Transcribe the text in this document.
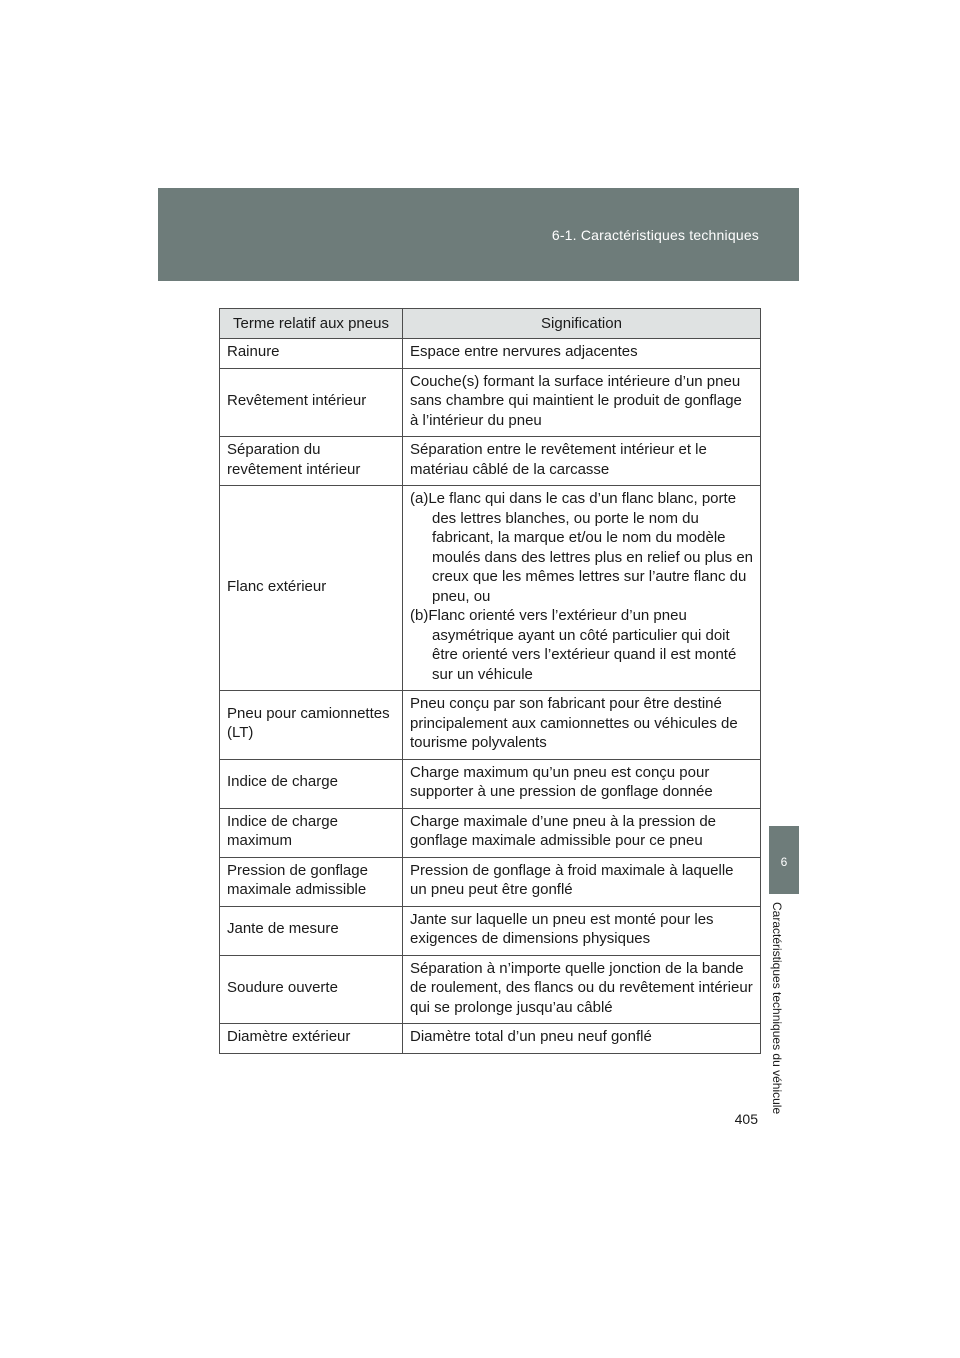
6-1. Caractéristiques techniques
6
Caractéristiques techniques du véhicule
Terme relatif aux pneus	Signification
Rainure	Espace entre nervures adjacentes
Revêtement intérieur	Couche(s) formant la surface intérieure d’un pneu sans chambre qui maintient le produit de gonflage à l’intérieur du pneu
Séparation du revêtement intérieur	Séparation entre le revêtement intérieur et le matériau câblé de la carcasse
Flanc extérieur	(a)Le flanc qui dans le cas d’un flanc blanc, porte des lettres blanches, ou porte le nom du fabricant, la marque et/ou le nom du modèle moulés dans des lettres plus en relief ou plus en creux que les mêmes lettres sur l’autre flanc du pneu, ou
(b)Flanc orienté vers l’extérieur d’un pneu asymétrique ayant un côté particulier qui doit être orienté vers l’extérieur quand il est monté sur un véhicule

Pneu pour camionnettes (LT)	Pneu conçu par son fabricant pour être destiné principalement aux camionnettes ou véhicules de tourisme polyvalents
Indice de charge	Charge maximum qu’un pneu est conçu pour supporter à une pression de gonflage donnée
Indice de charge maximum	Charge maximale d’une pneu à la pression de gonflage maximale admissible pour ce pneu
Pression de gonflage maximale admissible	Pression de gonflage à froid maximale à laquelle un pneu peut être gonflé
Jante de mesure	Jante sur laquelle un pneu est monté pour les exigences de dimensions physiques
Soudure ouverte	Séparation à n’importe quelle jonction de la bande de roulement, des flancs ou du revêtement intérieur qui se prolonge jusqu’au câblé
Diamètre extérieur	Diamètre total d’un pneu neuf gonflé
405
